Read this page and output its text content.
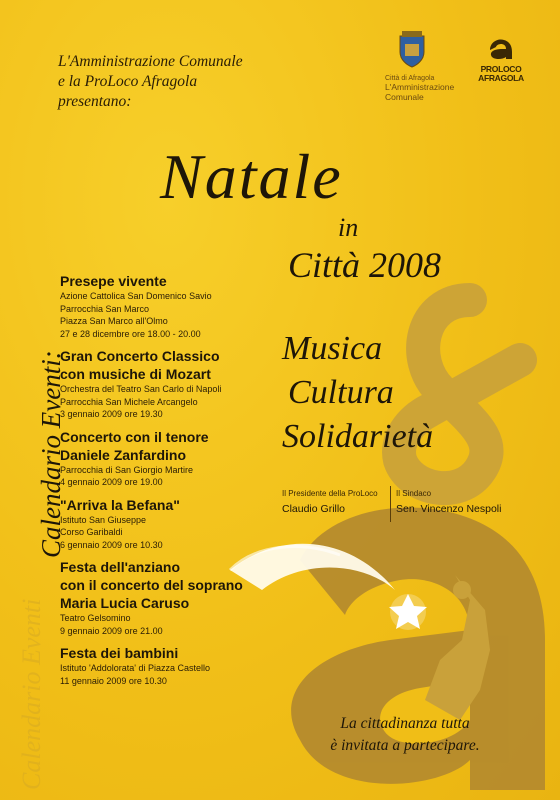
Calendario Eventi
L'Amministrazione Comunale
e la ProLoco Afragola
presentano:
Città di Afragola
L'Amministrazione
Comunale
PROLOCO
AFRAGOLA
Natale
in
Città 2008
Musica
Cultura
Solidarietà
Calendario Eventi:
Presepe vivente

Azione Cattolica San Domenico Savio

Parrocchia San Marco

Piazza San Marco all'Olmo

27 e 28 dicembre ore 18.00 - 20.00

Gran Concerto Classico
con musiche di Mozart

Orchestra del Teatro San Carlo di Napoli

Parrocchia San Michele Arcangelo

3 gennaio 2009 ore 19.30

Concerto con il tenore
Daniele Zanfardino

Parrocchia di San Giorgio Martire

4 gennaio 2009 ore 19.00

"Arriva la Befana"

Istituto San Giuseppe

Corso Garibaldi

6 gennaio 2009 ore 10.30

Festa dell'anziano
con il concerto del soprano
Maria Lucia Caruso

Teatro Gelsomino

9 gennaio 2009 ore 21.00

Festa dei bambini

Istituto 'Addolorata' di Piazza Castello

11 gennaio 2009 ore 10.30

Il Presidente della ProLoco
Claudio Grillo
Il Sindaco
Sen. Vincenzo Nespoli
La cittadinanza tutta
è invitata a partecipare.
